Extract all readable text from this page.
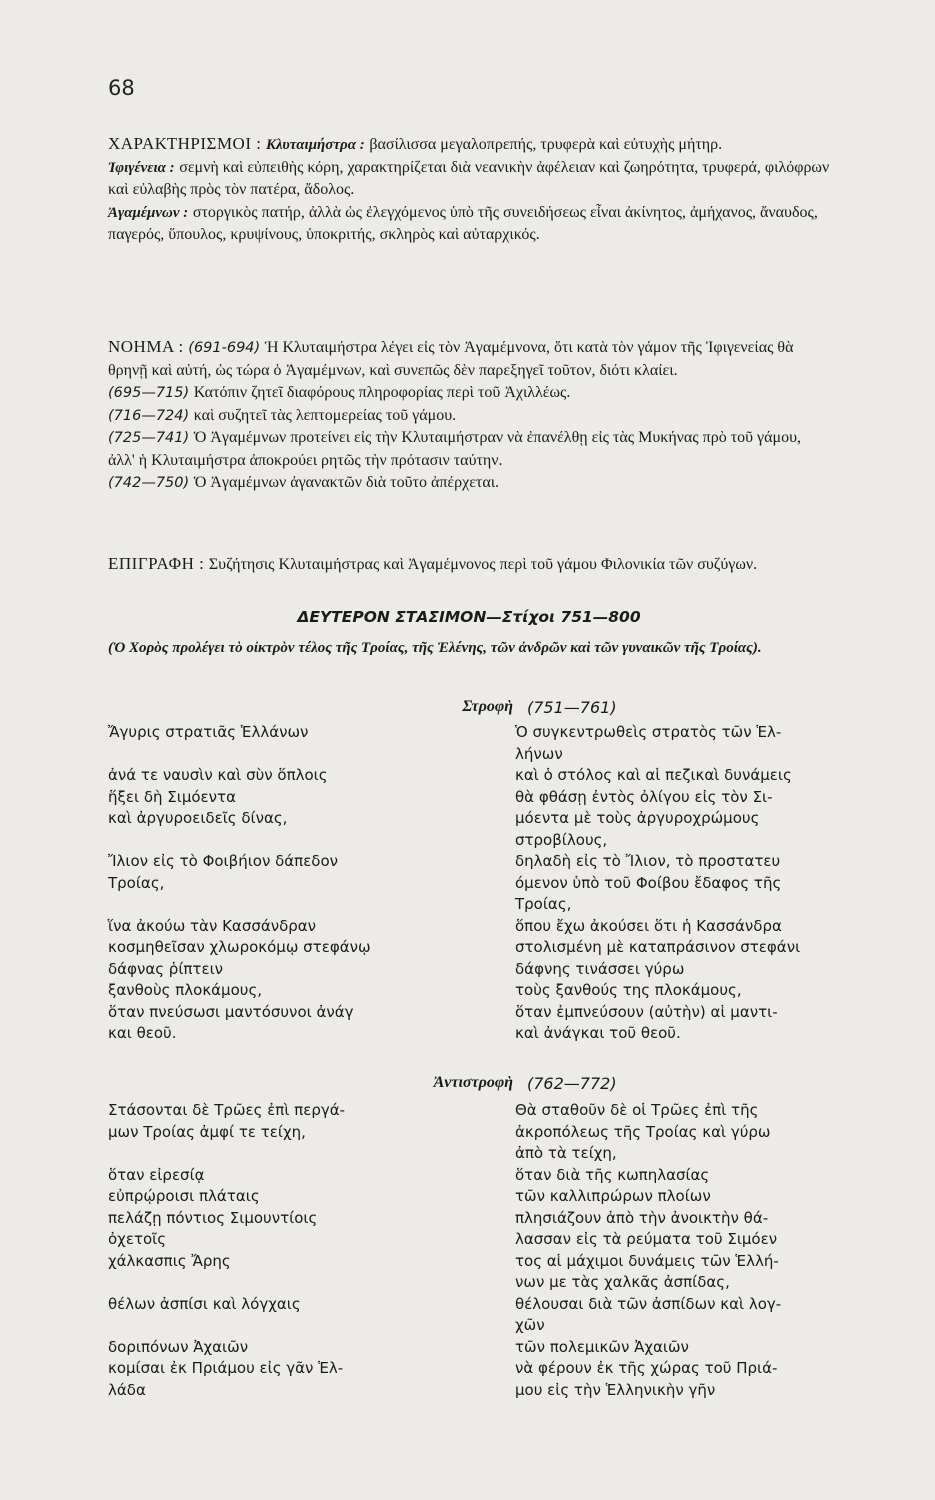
68
ΧΑΡΑΚΤΗΡΙΣΜΟΙ : Κλυταιμήστρα : βασίλισσα μεγαλοπρεπής, τρυφερὰ καὶ εὐτυχὴς μήτηρ.
Ἰφιγένεια : σεμνὴ καὶ εὐπειθὴς κόρη, χαρακτηρίζεται διὰ νεανικὴν ἀφέλειαν καὶ ζωηρότητα, τρυφερά, φιλόφρων καὶ εὐλαβὴς πρὸς τὸν πατέρα, ἄδολος.
Ἀγαμέμνων : στοργικὸς πατήρ, ἀλλὰ ὡς ἐλεγχόμενος ὑπὸ τῆς συνειδήσεως εἶναι ἀκίνητος, ἀμήχανος, ἄναυδος, παγερός, ὕπουλος, κρυψίνους, ὑποκριτής, σκληρὸς καὶ αὐταρχικός.
ΝΟΗΜΑ : (691-694) Ἡ Κλυταιμήστρα λέγει εἰς τὸν Ἀγαμέμνονα, ὅτι κατὰ τὸν γάμον τῆς Ἰφιγενείας θὰ θρηνῇ καὶ αὐτή, ὡς τώρα ὁ Ἀγαμέμνων, καὶ συνεπῶς δὲν παρεξηγεῖ τοῦτον, διότι κλαίει.
(695—715) Κατόπιν ζητεῖ διαφόρους πληροφορίας περὶ τοῦ Ἀχιλλέως.
(716—724) καὶ συζητεῖ τὰς λεπτομερείας τοῦ γάμου.
(725—741) Ὁ Ἀγαμέμνων προτείνει εἰς τὴν Κλυταιμήστραν νὰ ἐπανέλθῃ εἰς τὰς Μυκήνας πρὸ τοῦ γάμου, ἀλλ' ἡ Κλυταιμήστρα ἀποκρούει ρητῶς τὴν πρότασιν ταύτην.
(742—750) Ὁ Ἀγαμέμνων ἀγανακτῶν διὰ τοῦτο ἀπέρχεται.
ΕΠΙΓΡΑΦΗ : Συζήτησις Κλυταιμήστρας καὶ Ἀγαμέμνονος περὶ τοῦ γάμου Φιλονικία τῶν συζύγων.
ΔΕΥΤΕΡΟΝ ΣΤΑΣΙΜΟΝ—Στίχοι 751—800
(Ὁ Χορὸς προλέγει τὸ οἰκτρὸν τέλος τῆς Τροίας, τῆς Ἑλένης, τῶν ἀνδρῶν καὶ τῶν γυναικῶν τῆς Τροίας).
Στροφὴ (751—761)
Ἄγυρις στρατιᾶς Ἑλλάνων
ἀνά τε ναυσὶν καὶ σὺν ὅπλοις
ἥξει δὴ Σιμόεντα
καὶ ἀργυροειδεῖς δίνας,
Ἴλιον εἰς τὸ Φοιβήιον δάπεδον
Τροίας,
ἵνα ἀκούω τὰν Κασσάνδραν
κοσμηθεῖσαν χλωροκόμῳ στεφάνῳ
δάφνας ῥίπτειν
ξανθοὺς πλοκάμους,
ὅταν πνεύσωσι μαντόσυνοι ἀνάγ
και θεοῦ.
Ὁ συγκεντρωθεὶς στρατὸς τῶν Ἑλ-
λήνων
καὶ ὁ στόλος καὶ αἱ πεζικαὶ δυνάμεις
θὰ φθάσῃ ἐντὸς ὀλίγου εἰς τὸν Σι-
μόεντα μὲ τοὺς ἀργυροχρώμους
στροβίλους,
δηλαδὴ εἰς τὸ Ἴλιον, τὸ προστατευ
όμενον ὑπὸ τοῦ Φοίβου ἔδαφος τῆς
Τροίας,
ὅπου ἔχω ἀκούσει ὅτι ἡ Κασσάνδρα
στολισμένη μὲ καταπράσινον στεφάνι
δάφνης τινάσσει γύρω
τοὺς ξανθούς της πλοκάμους,
ὅταν ἐμπνεύσουν (αὐτὴν) αἱ μαντι-
καὶ ἀνάγκαι τοῦ θεοῦ.
Ἀντιστροφὴ (762—772)
Στάσονται δὲ Τρῶες ἐπὶ περγά-
μων Τροίας ἀμφί τε τείχη,
ὅταν εἰρεσίᾳ
εὐπρῴροισι πλάταις
πελάζῃ πόντιος Σιμουντίοις
ὀχετοῖς
χάλκασπις Ἄρης
θέλων ἀσπίσι καὶ λόγχαις
δοριπόνων Ἀχαιῶν
κομίσαι ἐκ Πριάμου εἰς γᾶν Ἑλ-
λάδα
Θὰ σταθοῦν δὲ οἱ Τρῶες ἐπὶ τῆς
ἀκροπόλεως τῆς Τροίας καὶ γύρω
ἀπὸ τὰ τείχη,
ὅταν διὰ τῆς κωπηλασίας
τῶν καλλιπρώρων πλοίων
πλησιάζουν ἀπὸ τὴν ἀνοικτὴν θά-
λασσαν εἰς τὰ ρεύματα τοῦ Σιμόεν
τος αἱ μάχιμοι δυνάμεις τῶν Ἑλλή-
νων με τὰς χαλκᾶς ἀσπίδας,
θέλουσαι διὰ τῶν ἀσπίδων καὶ λογ-
χῶν
τῶν πολεμικῶν Ἀχαιῶν
νὰ φέρουν ἐκ τῆς χώρας τοῦ Πριά-
μου εἰς τὴν Ἑλληνικὴν γῆν
